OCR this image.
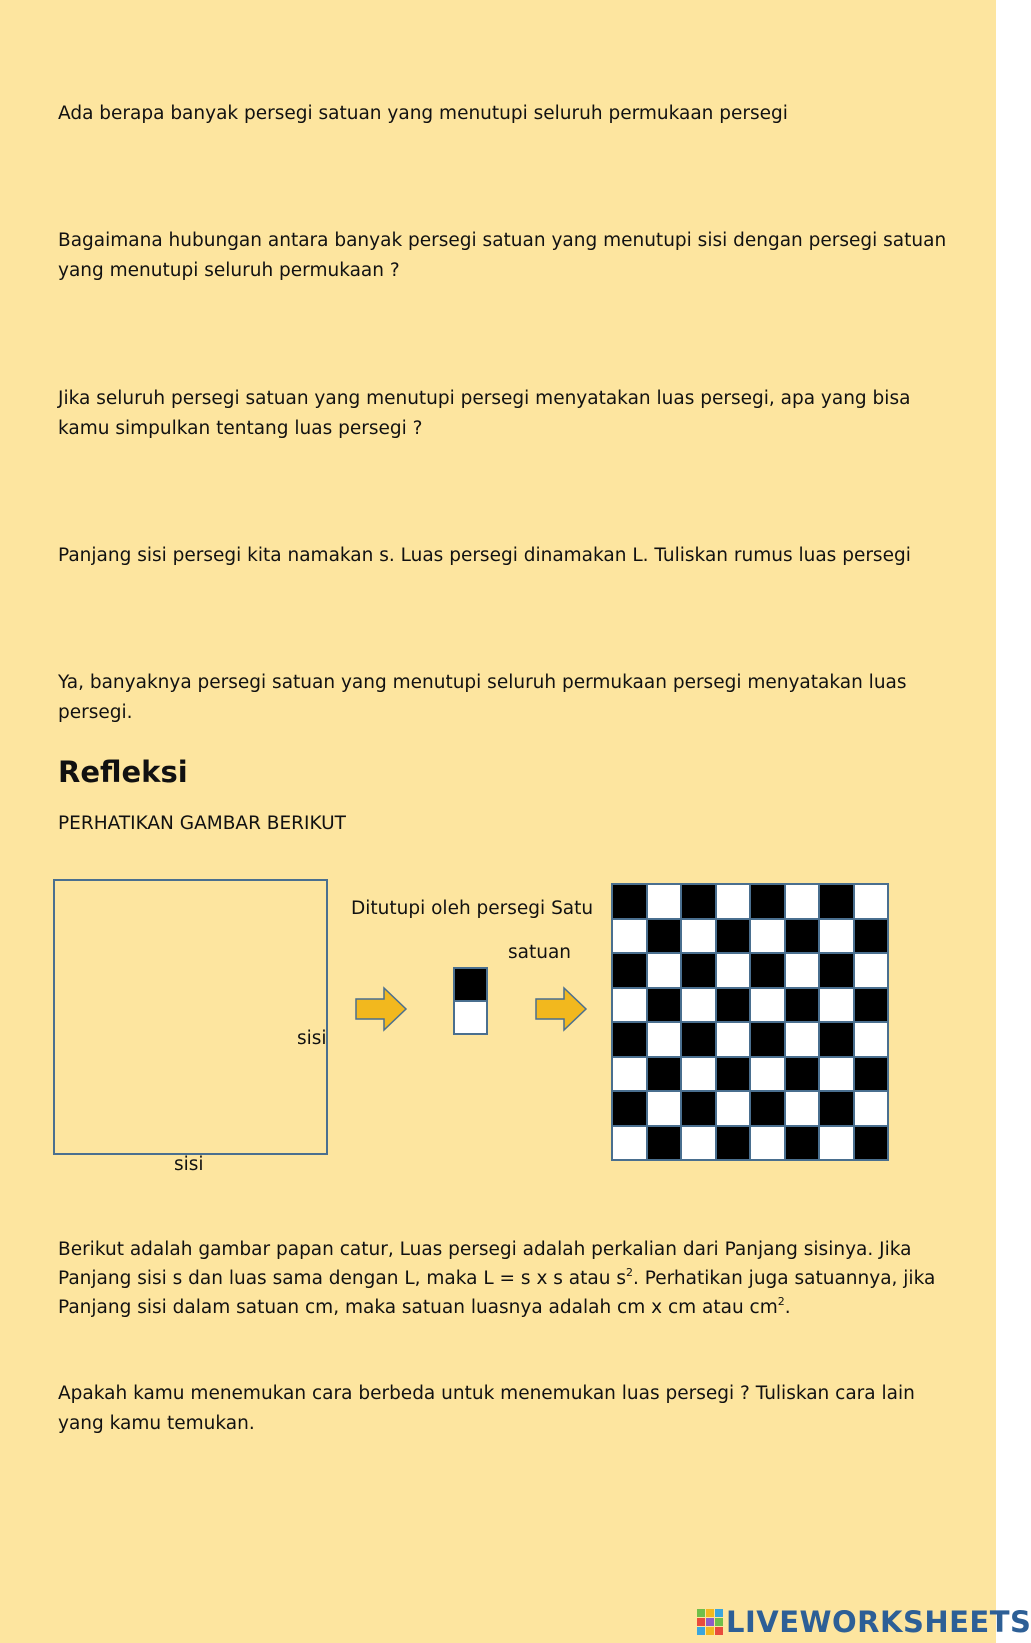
Ada berapa banyak persegi satuan yang menutupi seluruh permukaan persegi

Bagaimana hubungan antara banyak persegi satuan yang menutupi sisi dengan persegi satuan yang menutupi seluruh permukaan ?

Jika seluruh persegi satuan yang menutupi persegi menyatakan luas persegi, apa yang bisa kamu simpulkan tentang luas persegi ?

Panjang sisi persegi kita namakan s. Luas persegi dinamakan L. Tuliskan rumus luas persegi

Ya, banyaknya persegi satuan yang menutupi seluruh permukaan persegi menyatakan luas persegi.

Refleksi

PERHATIKAN GAMBAR BERIKUT

sisi
sisi
Ditutupi oleh persegi Satu
satuan

Berikut adalah gambar papan catur, Luas persegi adalah perkalian dari Panjang sisinya. Jika

Panjang sisi s dan luas sama dengan L, maka L = s x s atau $s^2$. Perhatikan juga satuannya, jika

Panjang sisi dalam satuan cm, maka satuan luasnya adalah cm x cm atau $cm^2$.

Apakah kamu menemukan cara berbeda untuk menemukan luas persegi ? Tuliskan cara lain yang kamu temukan.

LIVEWORKSHEETS
